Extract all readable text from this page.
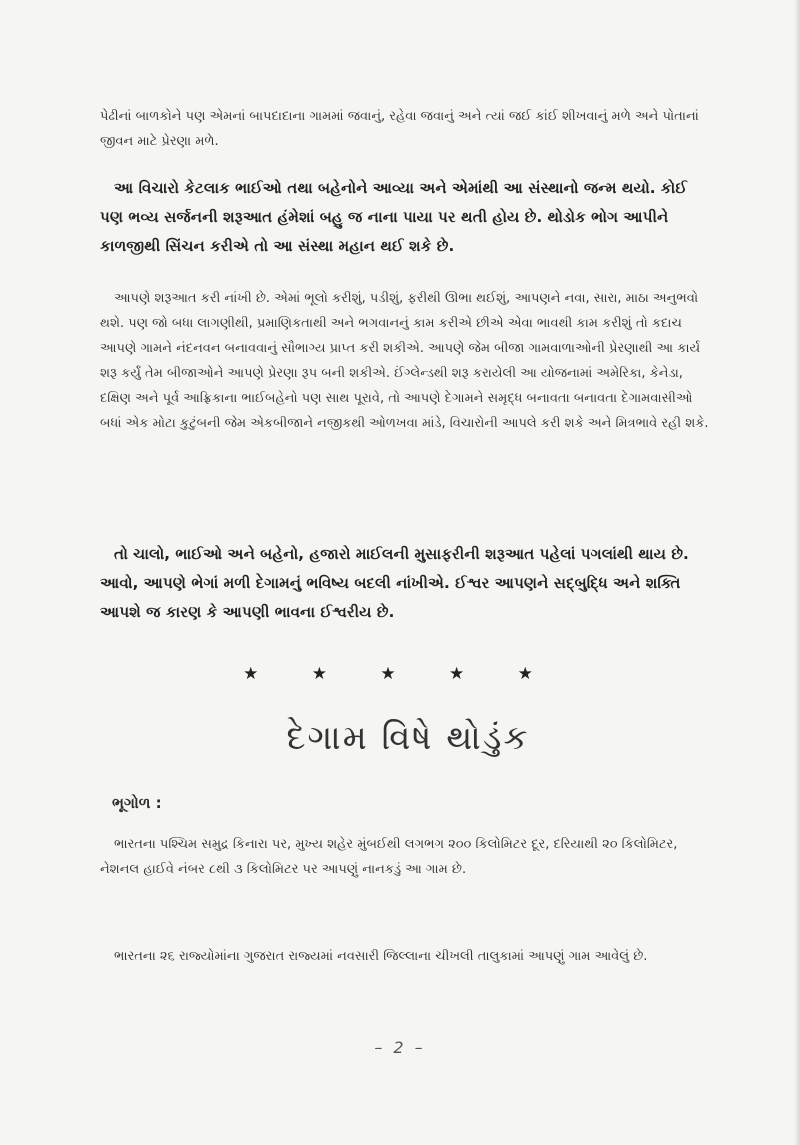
પેઢીનાં બાળકોને પણ એમનાં બાપદાદાના ગામમાં જવાનું, રહેવા જવાનું અને ત્યાં જઈ કાંઈ શીખવાનું મળે અને પોતાનાં જીવન માટે પ્રેરણા મળે.

આ વિચારો કેટલાક ભાઈઓ તથા બહેનોને આવ્યા અને એમાંથી આ સંસ્થાનો જન્મ થયો. કોઈ પણ ભવ્ય સર્જનની શરૂઆત હંમેશાં બહુ જ નાના પાયા પર થતી હોય છે. થોડોક ભોગ આપીને કાળજીથી સિંચન કરીએ તો આ સંસ્થા મહાન થઈ શકે છે.

આપણે શરૂઆત કરી નાંખી છે. એમાં ભૂલો કરીશું, પડીશું, ફરીથી ઊભા થઈશું, આપણને નવા, સારા, માઠા અનુભવો થશે. પણ જો બધા લાગણીથી, પ્રમાણિકતાથી અને ભગવાનનું કામ કરીએ છીએ એવા ભાવથી કામ કરીશું તો કદાચ આપણે ગામને નંદનવન બનાવવાનું સૌભાગ્ય પ્રાપ્ત કરી શકીએ. આપણે જેમ બીજા ગામવાળાઓની પ્રેરણાથી આ કાર્ય શરૂ કર્યું તેમ બીજાઓને આપણે પ્રેરણા રૂપ બની શકીએ. ઈંગ્લેન્ડથી શરૂ કરાયેલી આ યોજનામાં અમેરિકા, કેનેડા, દક્ષિણ અને પૂર્વ આફ્રિકાના ભાઈબહેનો પણ સાથ પૂરાવે, તો આપણે દેગામને સમૃદ્ધ બનાવતા બનાવતા દેગામવાસીઓ બધાં એક મોટા કુટુંબની જેમ એકબીજાને નજીકથી ઓળખવા માંડે, વિચારોની આપલે કરી શકે અને મિત્રભાવે રહી શકે.

તો ચાલો, ભાઈઓ અને બહેનો, હજારો માઈલની મુસાફરીની શરૂઆત પહેલાં પગલાંથી થાય છે. આવો, આપણે ભેગાં મળી દેગામનું ભવિષ્ય બદલી નાંખીએ. ઈશ્વર આપણને સદ્બુદ્ધિ અને શક્તિ આપશે જ કારણ કે આપણી ભાવના ઈશ્વરીય છે.

★ ★ ★ ★ ★
દેગામ વિષે થોડુંક
ભૂગોળ :

ભારતના પશ્ચિમ સમુદ્ર કિનારા પર, મુખ્ય શહેર મુંબઈથી લગભગ ૨૦૦ કિલોમિટર દૂર, દરિયાથી ૨૦ કિલોમિટર, નેશનલ હાઈવે નંબર ૮થી ૩ કિલોમિટર પર આપણું નાનકડું આ ગામ છે.

ભારતના ૨૬ રાજ્યોમાંના ગુજરાત રાજ્યમાં નવસારી જિલ્લાના ચીખલી તાલુકામાં આપણું ગામ આવેલું છે.

– 2 –
